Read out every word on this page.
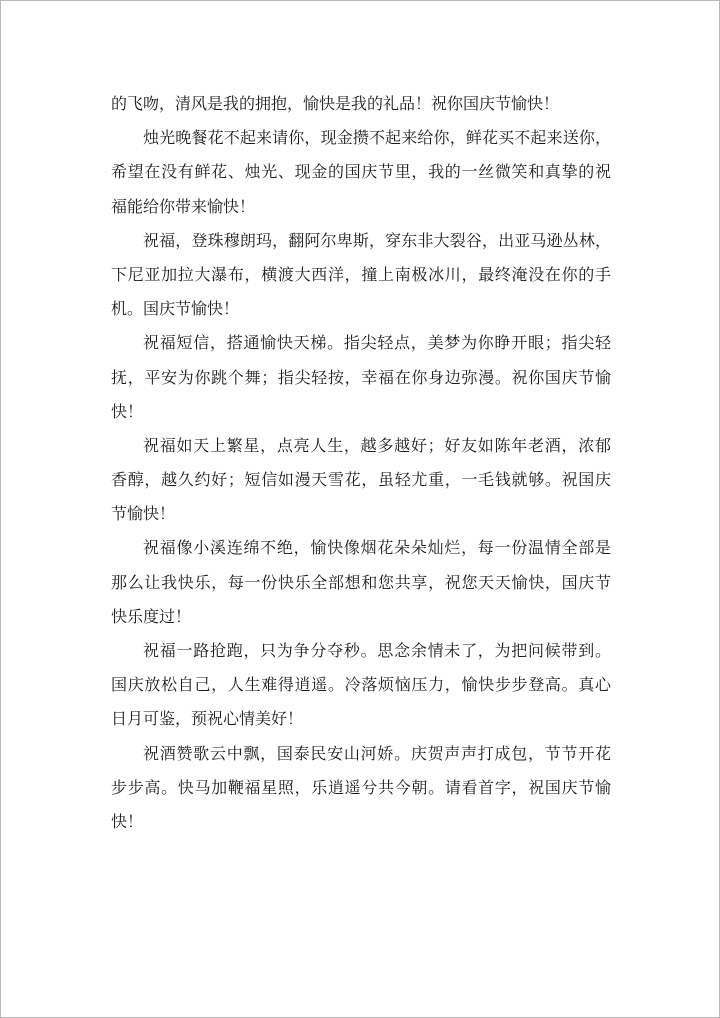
的飞吻，清风是我的拥抱，愉快是我的礼品！祝你国庆节愉快！
烛光晚餐花不起来请你，现金攒不起来给你，鲜花买不起来送你，
希望在没有鲜花、烛光、现金的国庆节里，我的一丝微笑和真挚的祝
福能给你带来愉快！
祝福，登珠穆朗玛，翻阿尔卑斯，穿东非大裂谷，出亚马逊丛林，
下尼亚加拉大瀑布，横渡大西洋，撞上南极冰川，最终淹没在你的手
机。国庆节愉快！
祝福短信，搭通愉快天梯。指尖轻点，美梦为你睁开眼；指尖轻
抚，平安为你跳个舞；指尖轻按，幸福在你身边弥漫。祝你国庆节愉
快！
祝福如天上繁星，点亮人生，越多越好；好友如陈年老酒，浓郁
香醇，越久约好；短信如漫天雪花，虽轻尤重，一毛钱就够。祝国庆
节愉快！
祝福像小溪连绵不绝，愉快像烟花朵朵灿烂，每一份温情全部是
那么让我快乐，每一份快乐全部想和您共享，祝您天天愉快，国庆节
快乐度过！
祝福一路抢跑，只为争分夺秒。思念余情未了，为把问候带到。
国庆放松自己，人生难得逍遥。冷落烦恼压力，愉快步步登高。真心
日月可鉴，预祝心情美好！
祝酒赞歌云中飘，国泰民安山河娇。庆贺声声打成包，节节开花
步步高。快马加鞭福星照，乐逍遥兮共今朝。请看首字，祝国庆节愉
快！
